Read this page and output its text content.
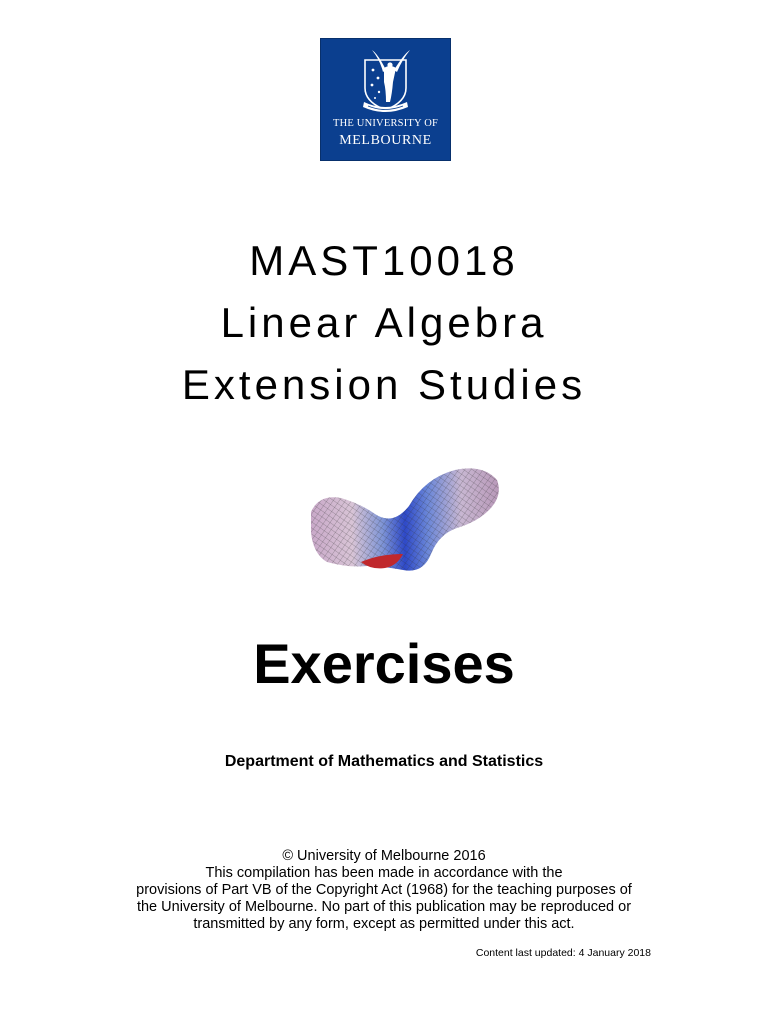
THE UNIVERSITY OF
MELBOURNE
MAST10018
Linear Algebra
Extension Studies
Exercises
Department of Mathematics and Statistics
© University of Melbourne 2016
This compilation has been made in accordance with the
provisions of Part VB of the Copyright Act (1968) for the teaching purposes of
the University of Melbourne. No part of this publication may be reproduced or
transmitted by any form, except as permitted under this act.
Content last updated: 4 January 2018
